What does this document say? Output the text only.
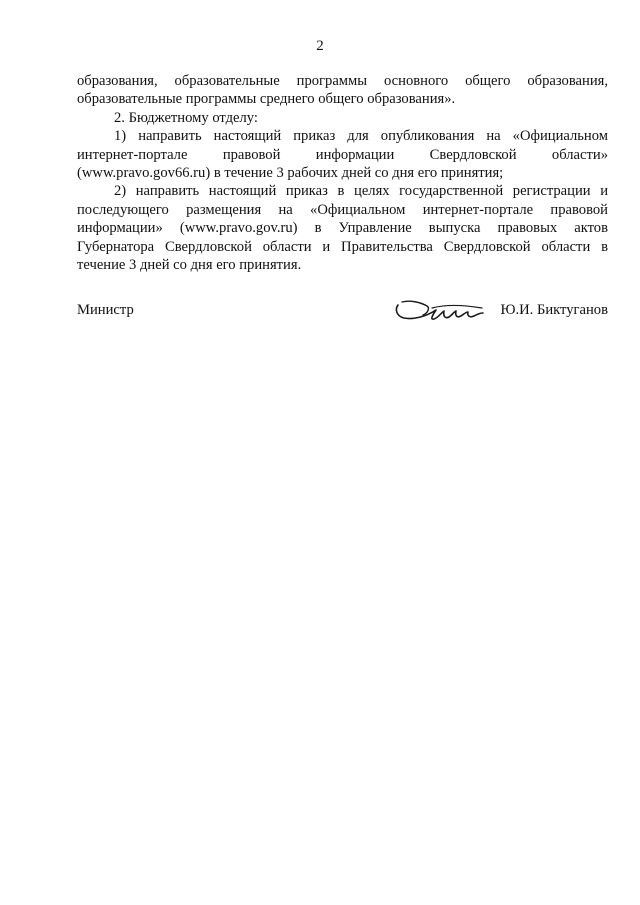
2

образования, образовательные программы основного общего образования, образовательные программы среднего общего образования».

2. Бюджетному отделу:

1) направить настоящий приказ для опубликования на «Официальном интернет-портале правовой информации Свердловской области» (www.pravo.gov66.ru) в течение 3 рабочих дней со дня его принятия;

2) направить настоящий приказ в целях государственной регистрации и последующего размещения на «Официальном интернет-портале правовой информации» (www.pravo.gov.ru) в Управление выпуска правовых актов Губернатора Свердловской области и Правительства Свердловской области в течение 3 дней со дня его принятия.

Министр	Ю.И. Биктуганов
